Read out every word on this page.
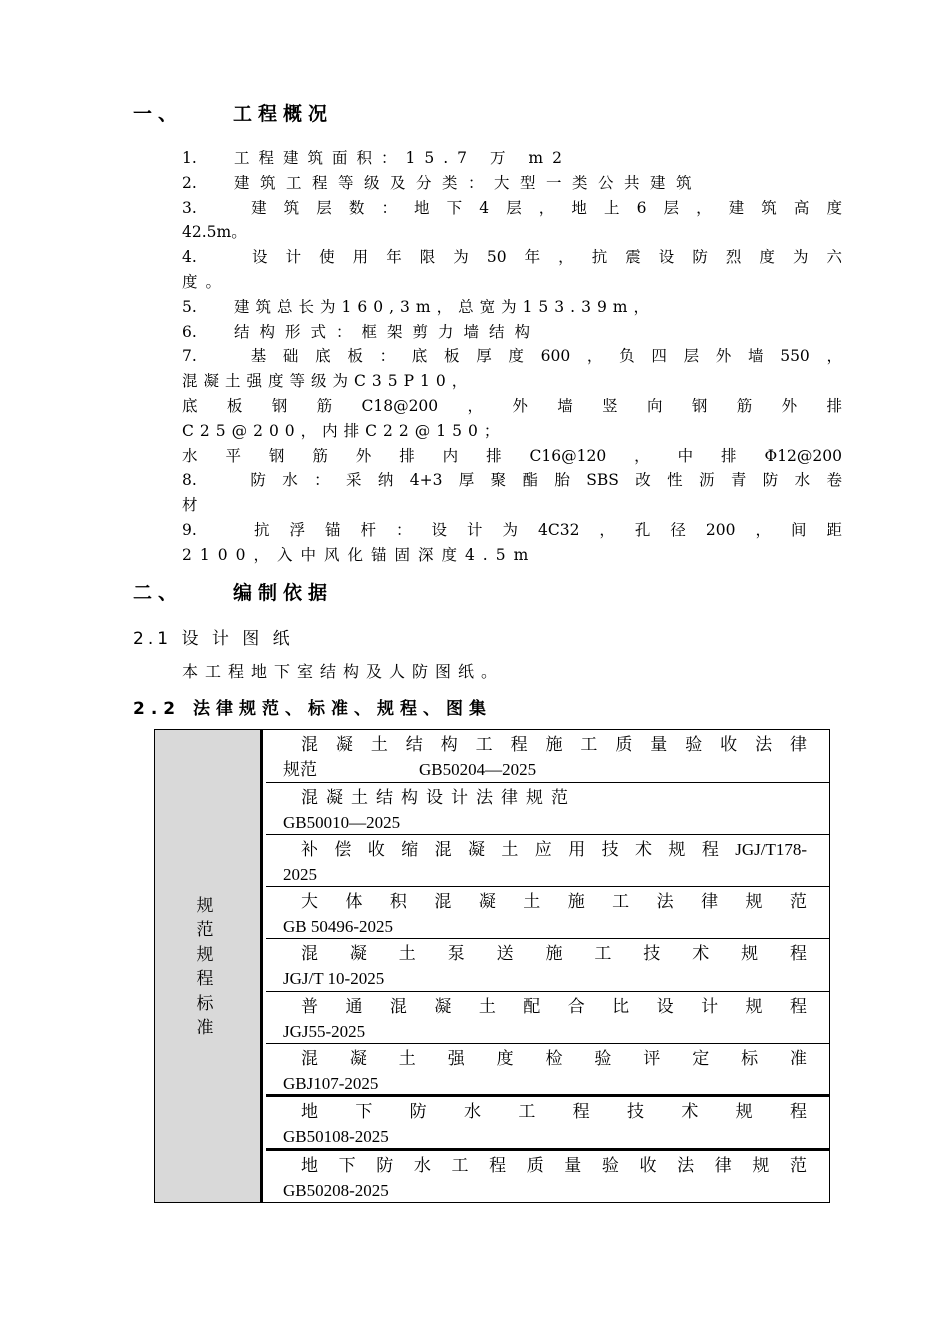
一、	工程概况
1. 工程建筑面积：15.7 万 m2
2. 建筑工程等级及分类：大型一类公共建筑
3. 建筑层数：地下4层，地上6层，建筑高度
42.5m。
4. 设计使用年限为50年，抗震设防烈度为六
度。
5. 建筑总长为160,3m，总宽为153.39m，
6. 结构形式：框架剪力墙结构
7. 基础底板：底板厚度600，负四层外墙550，
混凝土强度等级为C35P10，
底板钢筋C18@200，外墙竖向钢筋外排
C25@200，内排C22@150；
水平钢筋外排内排C16@120，中排Φ12@200
8. 防水：采纳4+3厚聚酯胎SBS改性沥青防水卷
材
9. 抗浮锚杆：设计为4C32，孔径200，间距
2100，入中风化锚固深度4.5m
二、	编制依据
2.1 设 计 图 纸
本工程地下室结构及人防图纸。
2.2 法律规范、标准、规程、图集
规范规程标准
混凝土结构工程施工质量验收法律
规范　　　　　　GB50204—2025
混凝土结构设计法律规范
GB50010—2025
补偿收缩混凝土应用技术规程JGJ/T178-
2025
大体积混凝土施工法律规范
GB 50496-2025
混凝土泵送施工技术规程
JGJ/T 10-2025
普通混凝土配合比设计规程
JGJ55-2025
混凝土强度检验评定标准
GBJ107-2025
地下防水工程技术规程
GB50108-2025
地下防水工程质量验收法律规范
GB50208-2025
